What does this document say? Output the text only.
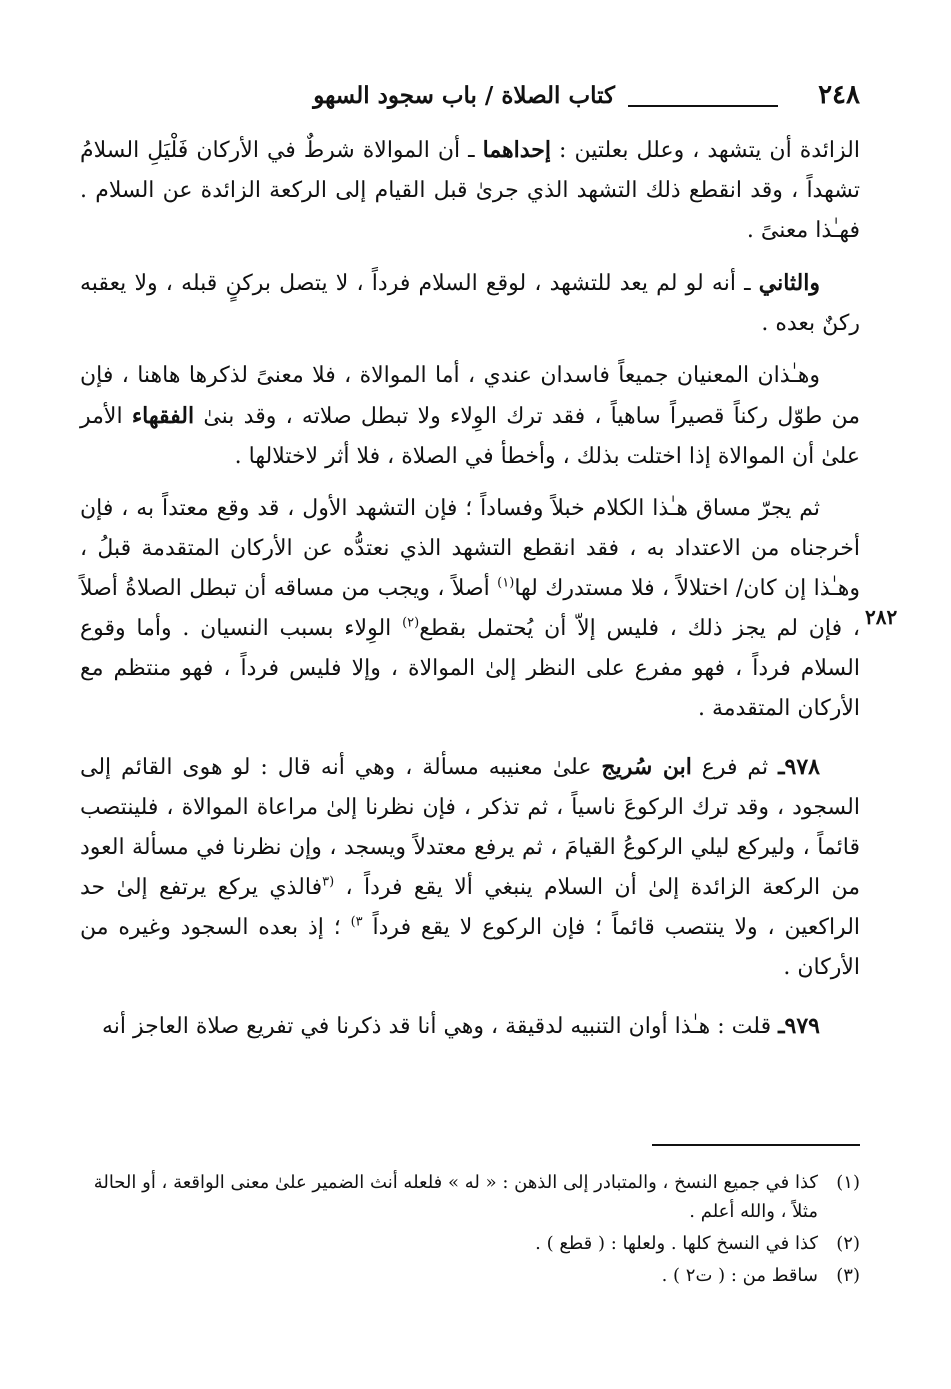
٢٤٨
كتاب الصلاة / باب سجود السهو
٢٨٢

الزائدة أن يتشهد ، وعلل بعلتين : إحداهما ـ أن الموالاة شرطٌ في الأركان فَلْيَلِ السلامُ تشهداً ، وقد انقطع ذلك التشهد الذي جرىٰ قبل القيام إلى الركعة الزائدة عن السلام . فهـٰذا معنىً .

والثاني ـ أنه لو لم يعد للتشهد ، لوقع السلام فرداً ، لا يتصل بركنٍ قبله ، ولا يعقبه ركنٌ بعده .

وهـٰذان المعنيان جميعاً فاسدان عندي ، أما الموالاة ، فلا معنىً لذكرها هاهنا ، فإن من طوّل ركناً قصيراً ساهياً ، فقد ترك الوِلاء ولا تبطل صلاته ، وقد بنىٰ الفقهاء الأمر علىٰ أن الموالاة إذا اختلت بذلك ، وأخطأ في الصلاة ، فلا أثر لاختلالها .

ثم يجرّ مساق هـٰذا الكلام خبلاً وفساداً ؛ فإن التشهد الأول ، قد وقع معتداً به ، فإن أخرجناه من الاعتداد به ، فقد انقطع التشهد الذي نعتدُّه عن الأركان المتقدمة قبلُ ، وهـٰذا إن كان/ اختلالاً ، فلا مستدرك لها$^{(١)}$ أصلاً ، ويجب من مساقه أن تبطل الصلاةُ أصلاً ، فإن لم يجز ذلك ، فليس إلاّ أن يُحتمل بقطع$^{(٢)}$ الوِلاء بسبب النسيان . وأما وقوع السلام فرداً ، فهو مفرع على النظر إلىٰ الموالاة ، وإلا فليس فرداً ، فهو منتظم مع الأركان المتقدمة .

٩٧٨ـ ثم فرع ابن سُريج علىٰ معنيبه مسألة ، وهي أنه قال : لو هوى القائم إلى السجود ، وقد ترك الركوعَ ناسياً ، ثم تذكر ، فإن نظرنا إلىٰ مراعاة الموالاة ، فلينتصب قائماً ، وليركع ليلي الركوعُ القيامَ ، ثم يرفع معتدلاً ويسجد ، وإن نظرنا في مسألة العود من الركعة الزائدة إلىٰ أن السلام ينبغي ألا يقع فرداً ، $^{(٣}$فالذي يركع يرتفع إلىٰ حد الراكعين ، ولا ينتصب قائماً ؛ فإن الركوع لا يقع فرداً $^{٣)}$ ؛ إذ بعده السجود وغيره من الأركان .

٩٧٩ـ قلت : هـٰذا أوان التنبيه لدقيقة ، وهي أنا قد ذكرنا في تفريع صلاة العاجز أنه

(١)
كذا في جميع النسخ ، والمتبادر إلى الذهن : « له » فلعله أنث الضمير علىٰ معنى الواقعة ، أو الحالة مثلاً ، والله أعلم .
(٢)
كذا في النسخ كلها . ولعلها : ( قطع ) .
(٣)
ساقط من : ( ت٢ ) .
